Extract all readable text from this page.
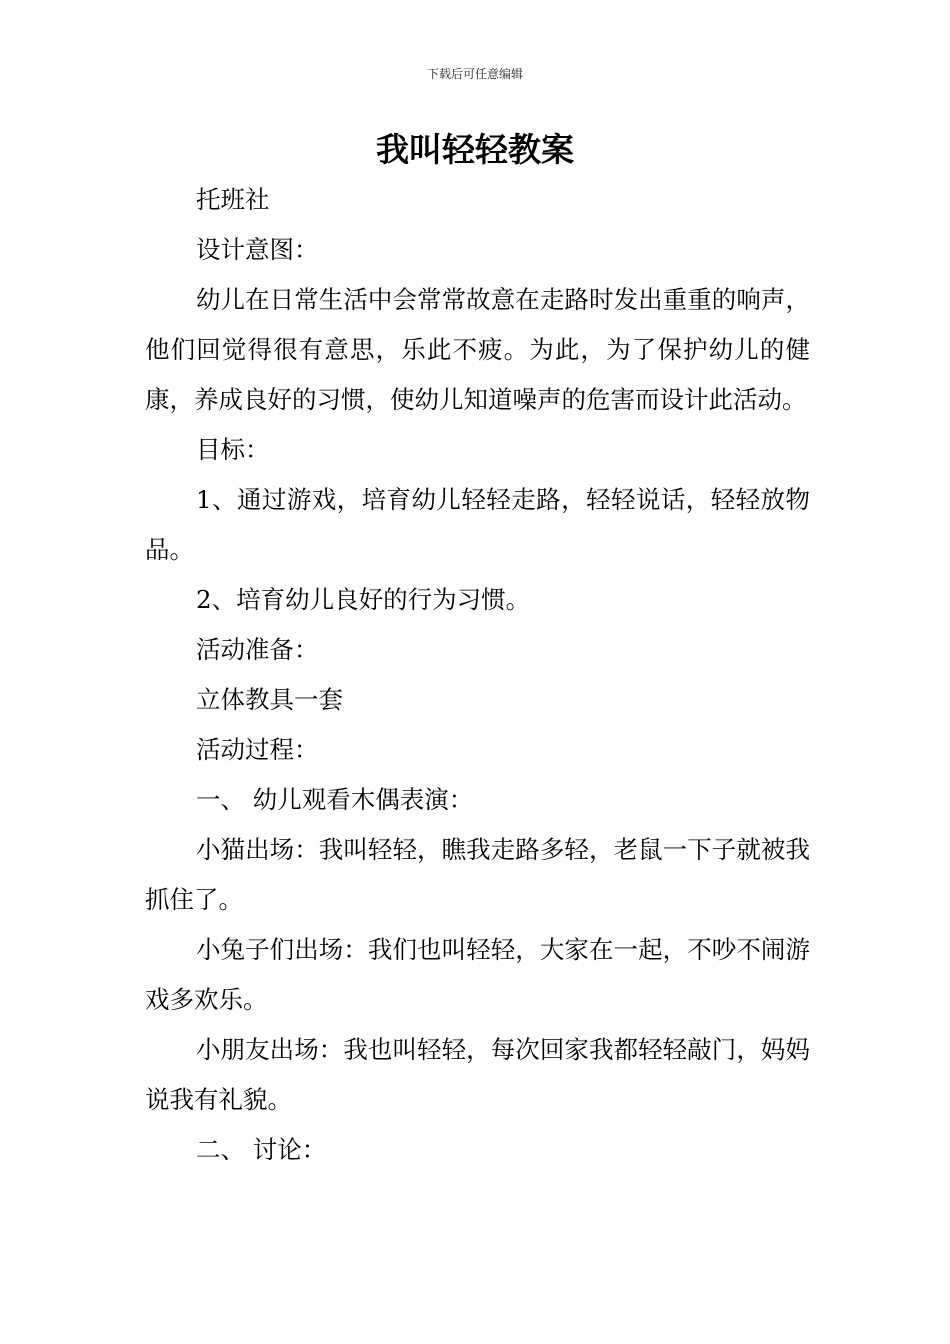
下载后可任意编辑
我叫轻轻教案

托班社

设计意图：

幼儿在日常生活中会常常故意在走路时发出重重的响声，他们回觉得很有意思，乐此不疲。为此，为了保护幼儿的健康，养成良好的习惯，使幼儿知道噪声的危害而设计此活动。

目标：

1、通过游戏，培育幼儿轻轻走路，轻轻说话，轻轻放物品。

2、培育幼儿良好的行为习惯。

活动准备：

立体教具一套

活动过程：

一、 幼儿观看木偶表演：

小猫出场：我叫轻轻，瞧我走路多轻，老鼠一下子就被我抓住了。

小兔子们出场：我们也叫轻轻，大家在一起，不吵不闹游戏多欢乐。

小朋友出场：我也叫轻轻，每次回家我都轻轻敲门，妈妈说我有礼貌。

二、 讨论：
